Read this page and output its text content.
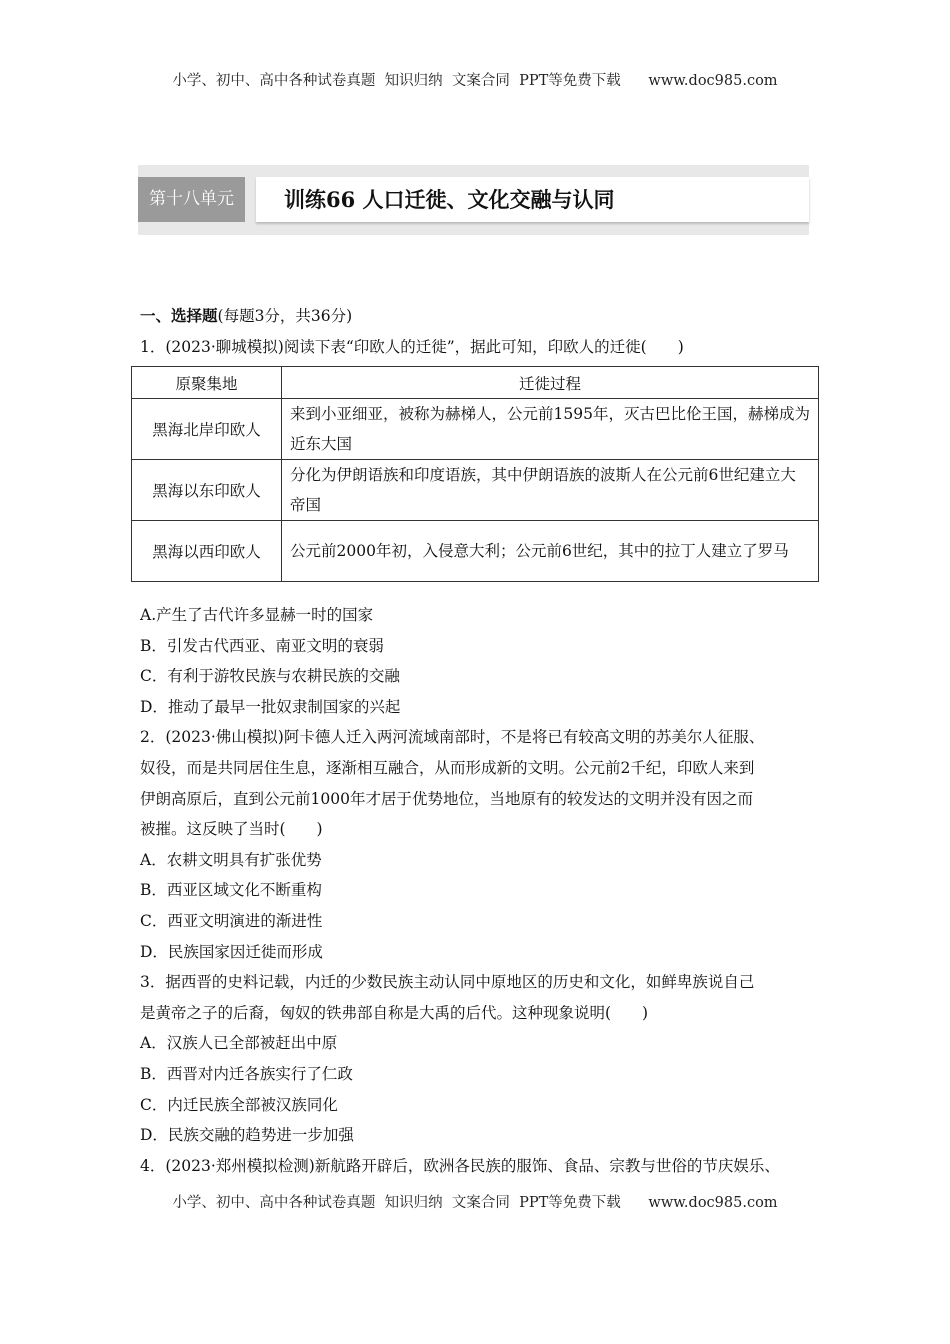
小学、初中、高中各种试卷真题  知识归纳  文案合同  PPT等免费下载      www.doc985.com
第十八单元	训练66 人口迁徙、文化交融与认同
一、选择题(每题3分，共36分)
1．(2023·聊城模拟)阅读下表“印欧人的迁徙”，据此可知，印欧人的迁徙(　　)
原聚集地	迁徙过程
黑海北岸印欧人	来到小亚细亚，被称为赫梯人，公元前1595年，灭古巴比伦王国，赫梯成为近东大国
黑海以东印欧人	分化为伊朗语族和印度语族，其中伊朗语族的波斯人在公元前6世纪建立大帝国
黑海以西印欧人	公元前2000年初，入侵意大利；公元前6世纪，其中的拉丁人建立了罗马
A.产生了古代许多显赫一时的国家
B．引发古代西亚、南亚文明的衰弱
C．有利于游牧民族与农耕民族的交融
D．推动了最早一批奴隶制国家的兴起
2．(2023·佛山模拟)阿卡德人迁入两河流域南部时，不是将已有较高文明的苏美尔人征服、
奴役，而是共同居住生息，逐渐相互融合，从而形成新的文明。公元前2千纪，印欧人来到
伊朗高原后，直到公元前1000年才居于优势地位，当地原有的较发达的文明并没有因之而
被摧。这反映了当时(　　)
A．农耕文明具有扩张优势
B．西亚区域文化不断重构
C．西亚文明演进的渐进性
D．民族国家因迁徙而形成
3．据西晋的史料记载，内迁的少数民族主动认同中原地区的历史和文化，如鲜卑族说自己
是黄帝之子的后裔，匈奴的铁弗部自称是大禹的后代。这种现象说明(　　)
A．汉族人已全部被赶出中原
B．西晋对内迁各族实行了仁政
C．内迁民族全部被汉族同化
D．民族交融的趋势进一步加强
4．(2023·郑州模拟检测)新航路开辟后，欧洲各民族的服饰、食品、宗教与世俗的节庆娱乐、
小学、初中、高中各种试卷真题  知识归纳  文案合同  PPT等免费下载      www.doc985.com
